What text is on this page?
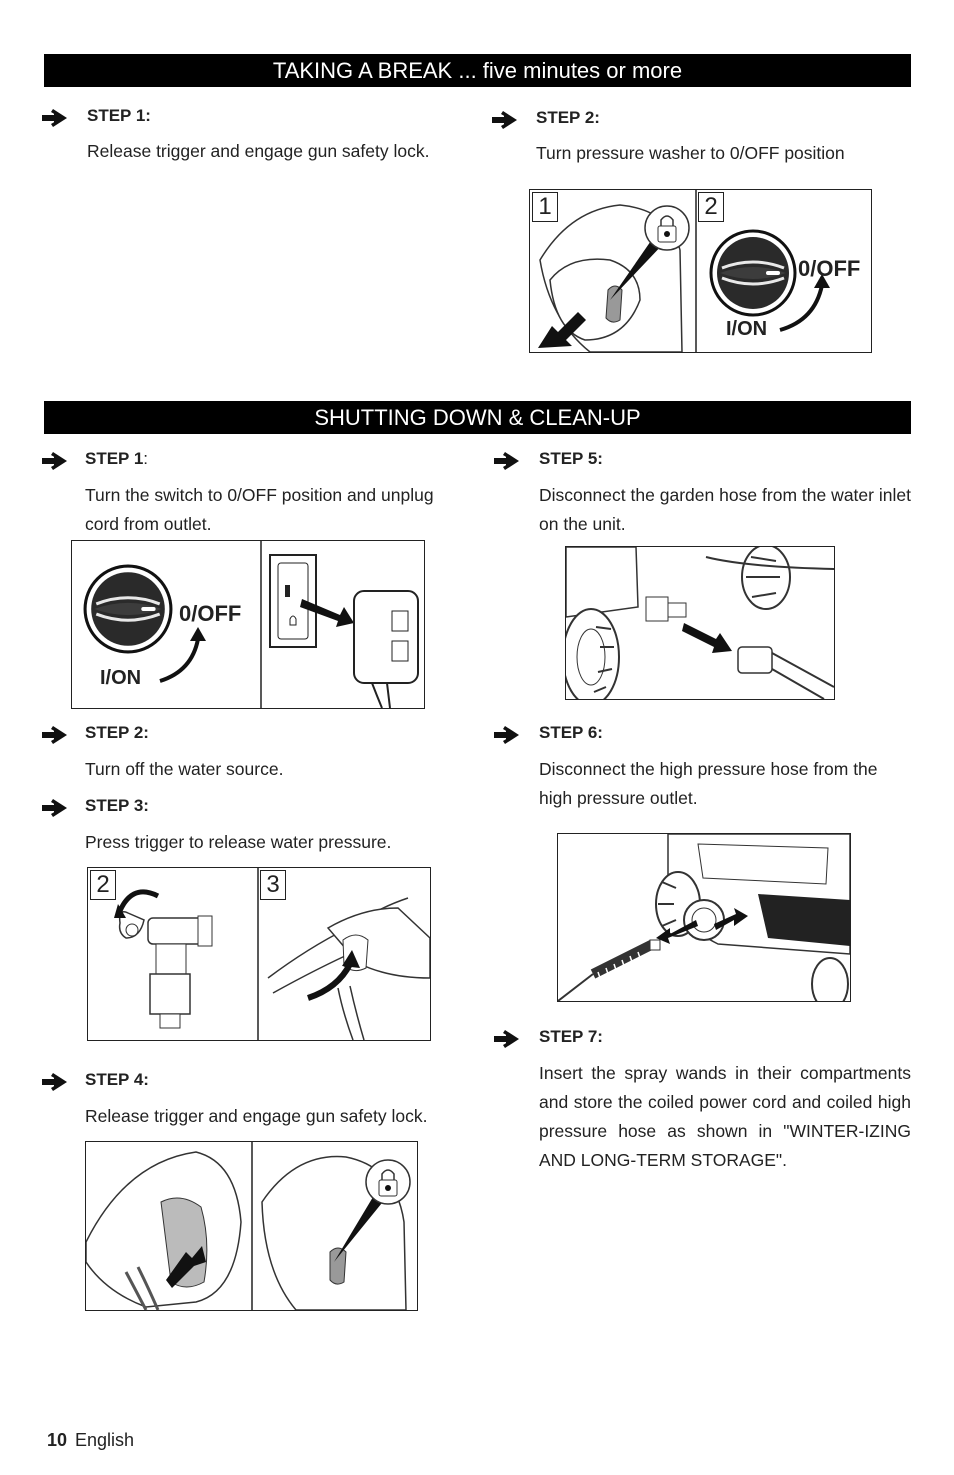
TAKING A BREAK ... five minutes or more
STEP 1:
Release trigger and engage gun safety lock.
STEP 2:
Turn pressure washer to 0/OFF position
1	2
0/OFF
I/ON
SHUTTING DOWN & CLEAN-UP
STEP 1:
Turn the switch to 0/OFF position and unplug cord from outlet.
0/OFF
I/ON
STEP 2:
Turn off the water source.
STEP 3:
Press trigger to release water pressure.
2	3
STEP 4:
Release trigger and engage gun safety lock.
STEP 5:
Disconnect the garden hose from the water inlet on the unit.
STEP 6:
Disconnect the high pressure hose from the high pressure outlet.
STEP 7:
Insert the spray wands in their compartments and store the coiled power cord and coiled high pressure hose as shown in "WINTER-IZING AND LONG-TERM STORAGE".
10 English
